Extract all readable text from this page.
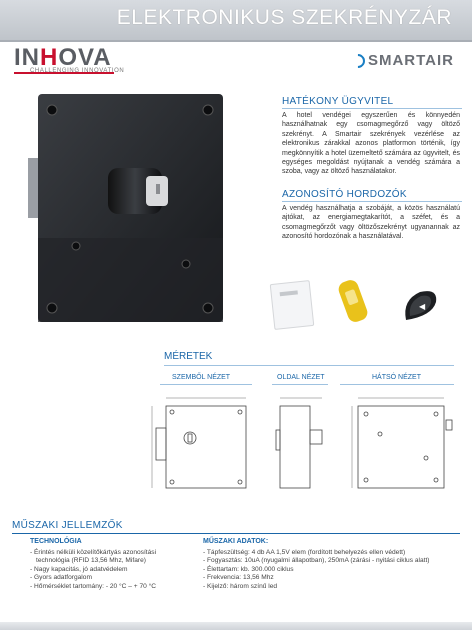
ELEKTRONIKUS SZEKRÉNYZÁR
INHOVA
CHALLENGING INNOVATION
SMARTAIR
HATÉKONY ÜGYVITEL
A hotel vendégei egyszerűen és könnyedén használhatnak egy csomagmegőrző vagy öltöző szekrényt. A Smartair szekrények vezérlése az elektronikus zárakkal azonos platformon történik, így megkönnyítik a hotel üzemeltető számára az ügyvitelt, és egységes megoldást nyújtanak a vendég számára a szoba, vagy az öltöző használatakor.
AZONOSÍTÓ HORDOZÓK
A vendég használhatja a szobáját, a közös használatú ajtókat, az energiamegtakarítót, a széfet, és a csomagmegőrzőt vagy öltözőszekrényt ugyanannak az azonosító hordozónak a használatával.
◀
MÉRETEK
SZEMBŐL NÉZET	OLDAL NÉZET	HÁTSÓ NÉZET
MŰSZAKI JELLEMZŐK
TECHNOLÓGIA
- Érintés nélküli közelítőkártyás azonosítási
technológia (RFID 13,56 Mhz, Mifare)
- Nagy kapacitás, jó adatvédelem
- Gyors adatforgalom
- Hőmérséklet tartomány: - 20 °C – + 70 °C
MŰSZAKI ADATOK:
- Tápfeszültség: 4 db AA 1,5V elem (fordított behelyezés ellen védett)
- Fogyasztás: 10uA (nyugalmi állapotban), 250mA (zárási - nyitási ciklus alatt)
- Élettartam: kb. 300.000 ciklus
- Frekvencia: 13,56 Mhz
- Kijelző: három színű led
